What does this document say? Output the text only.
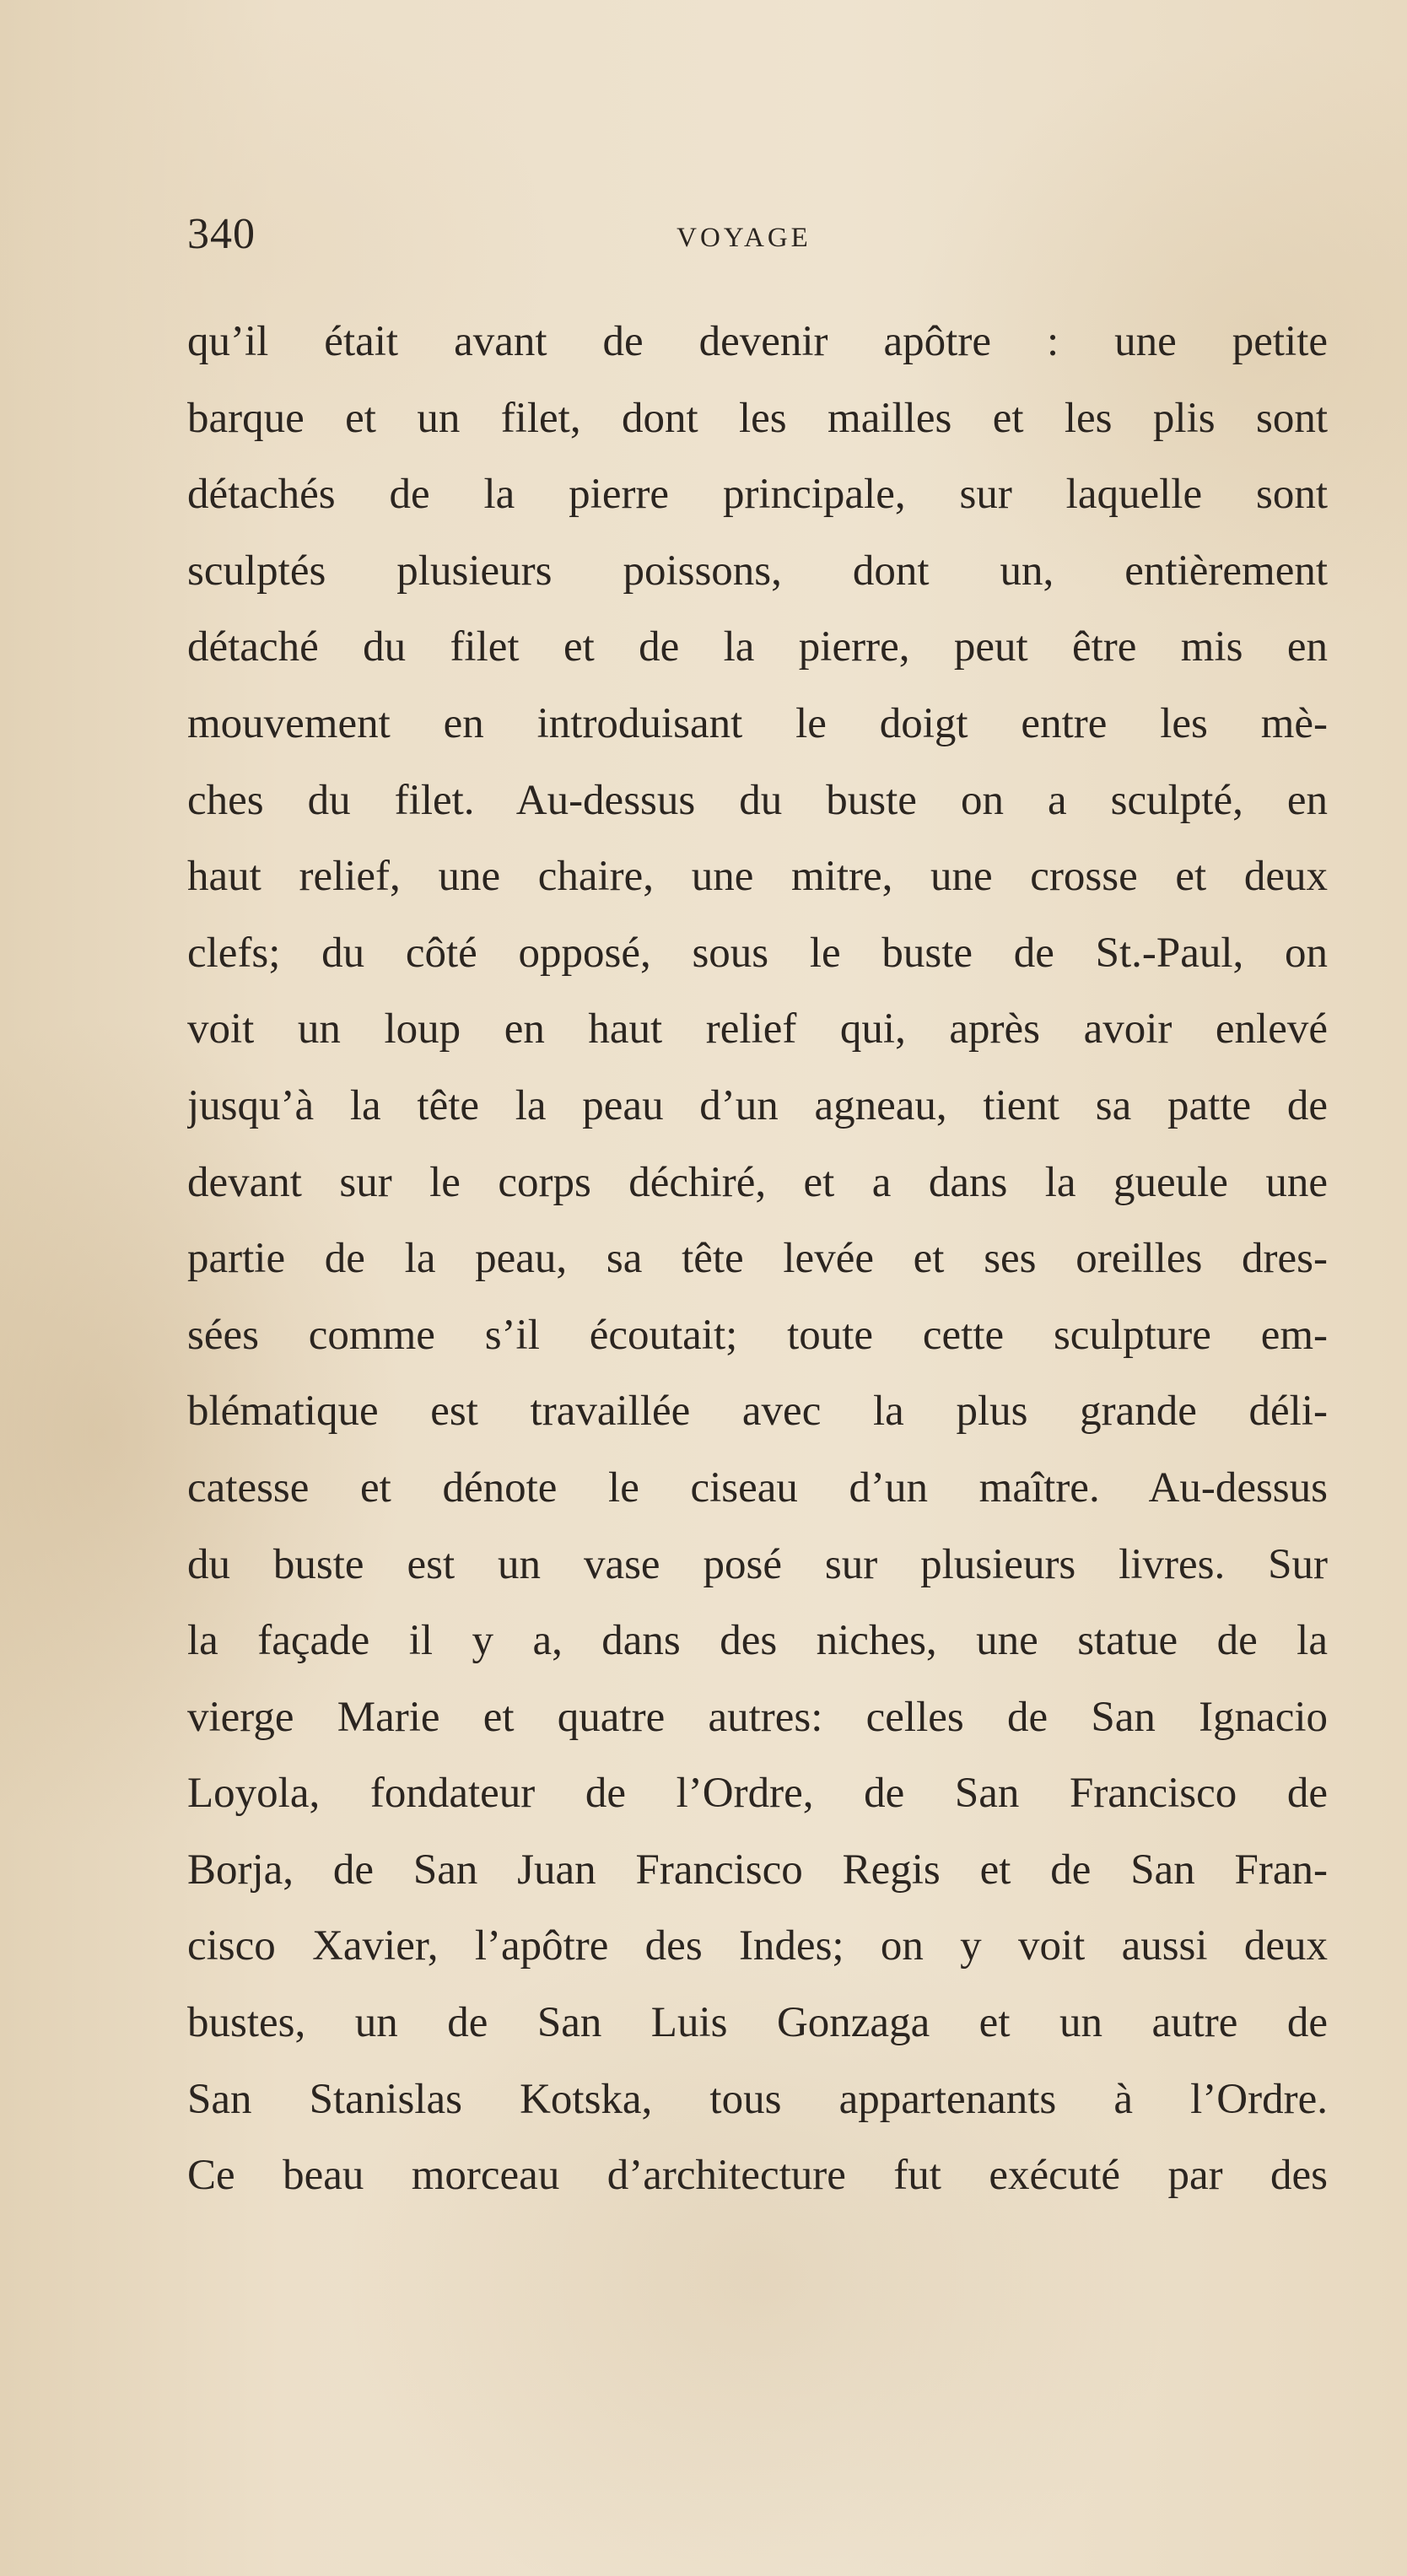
340	VOYAGE
qu’il était avant de devenir apôtre : une petite
barque et un filet, dont les mailles et les plis sont
détachés de la pierre principale, sur laquelle sont
sculptés plusieurs poissons, dont un, entièrement
détaché du filet et de la pierre, peut être mis en
mouvement en introduisant le doigt entre les mè-
ches du filet. Au-dessus du buste on a sculpté, en
haut relief, une chaire, une mitre, une crosse et deux
clefs; du côté opposé, sous le buste de St.-Paul, on
voit un loup en haut relief qui, après avoir enlevé
jusqu’à la tête la peau d’un agneau, tient sa patte de
devant sur le corps déchiré, et a dans la gueule une
partie de la peau, sa tête levée et ses oreilles dres-
sées comme s’il écoutait; toute cette sculpture em-
blématique est travaillée avec la plus grande déli-
catesse et dénote le ciseau d’un maître. Au-dessus
du buste est un vase posé sur plusieurs livres. Sur
la façade il y a, dans des niches, une statue de la
vierge Marie et quatre autres: celles de San Ignacio
Loyola, fondateur de l’Ordre, de San Francisco de
Borja, de San Juan Francisco Regis et de San Fran-
cisco Xavier, l’apôtre des Indes; on y voit aussi deux
bustes, un de San Luis Gonzaga et un autre de
San Stanislas Kotska, tous appartenants à l’Ordre.
Ce beau morceau d’architecture fut exécuté par des
